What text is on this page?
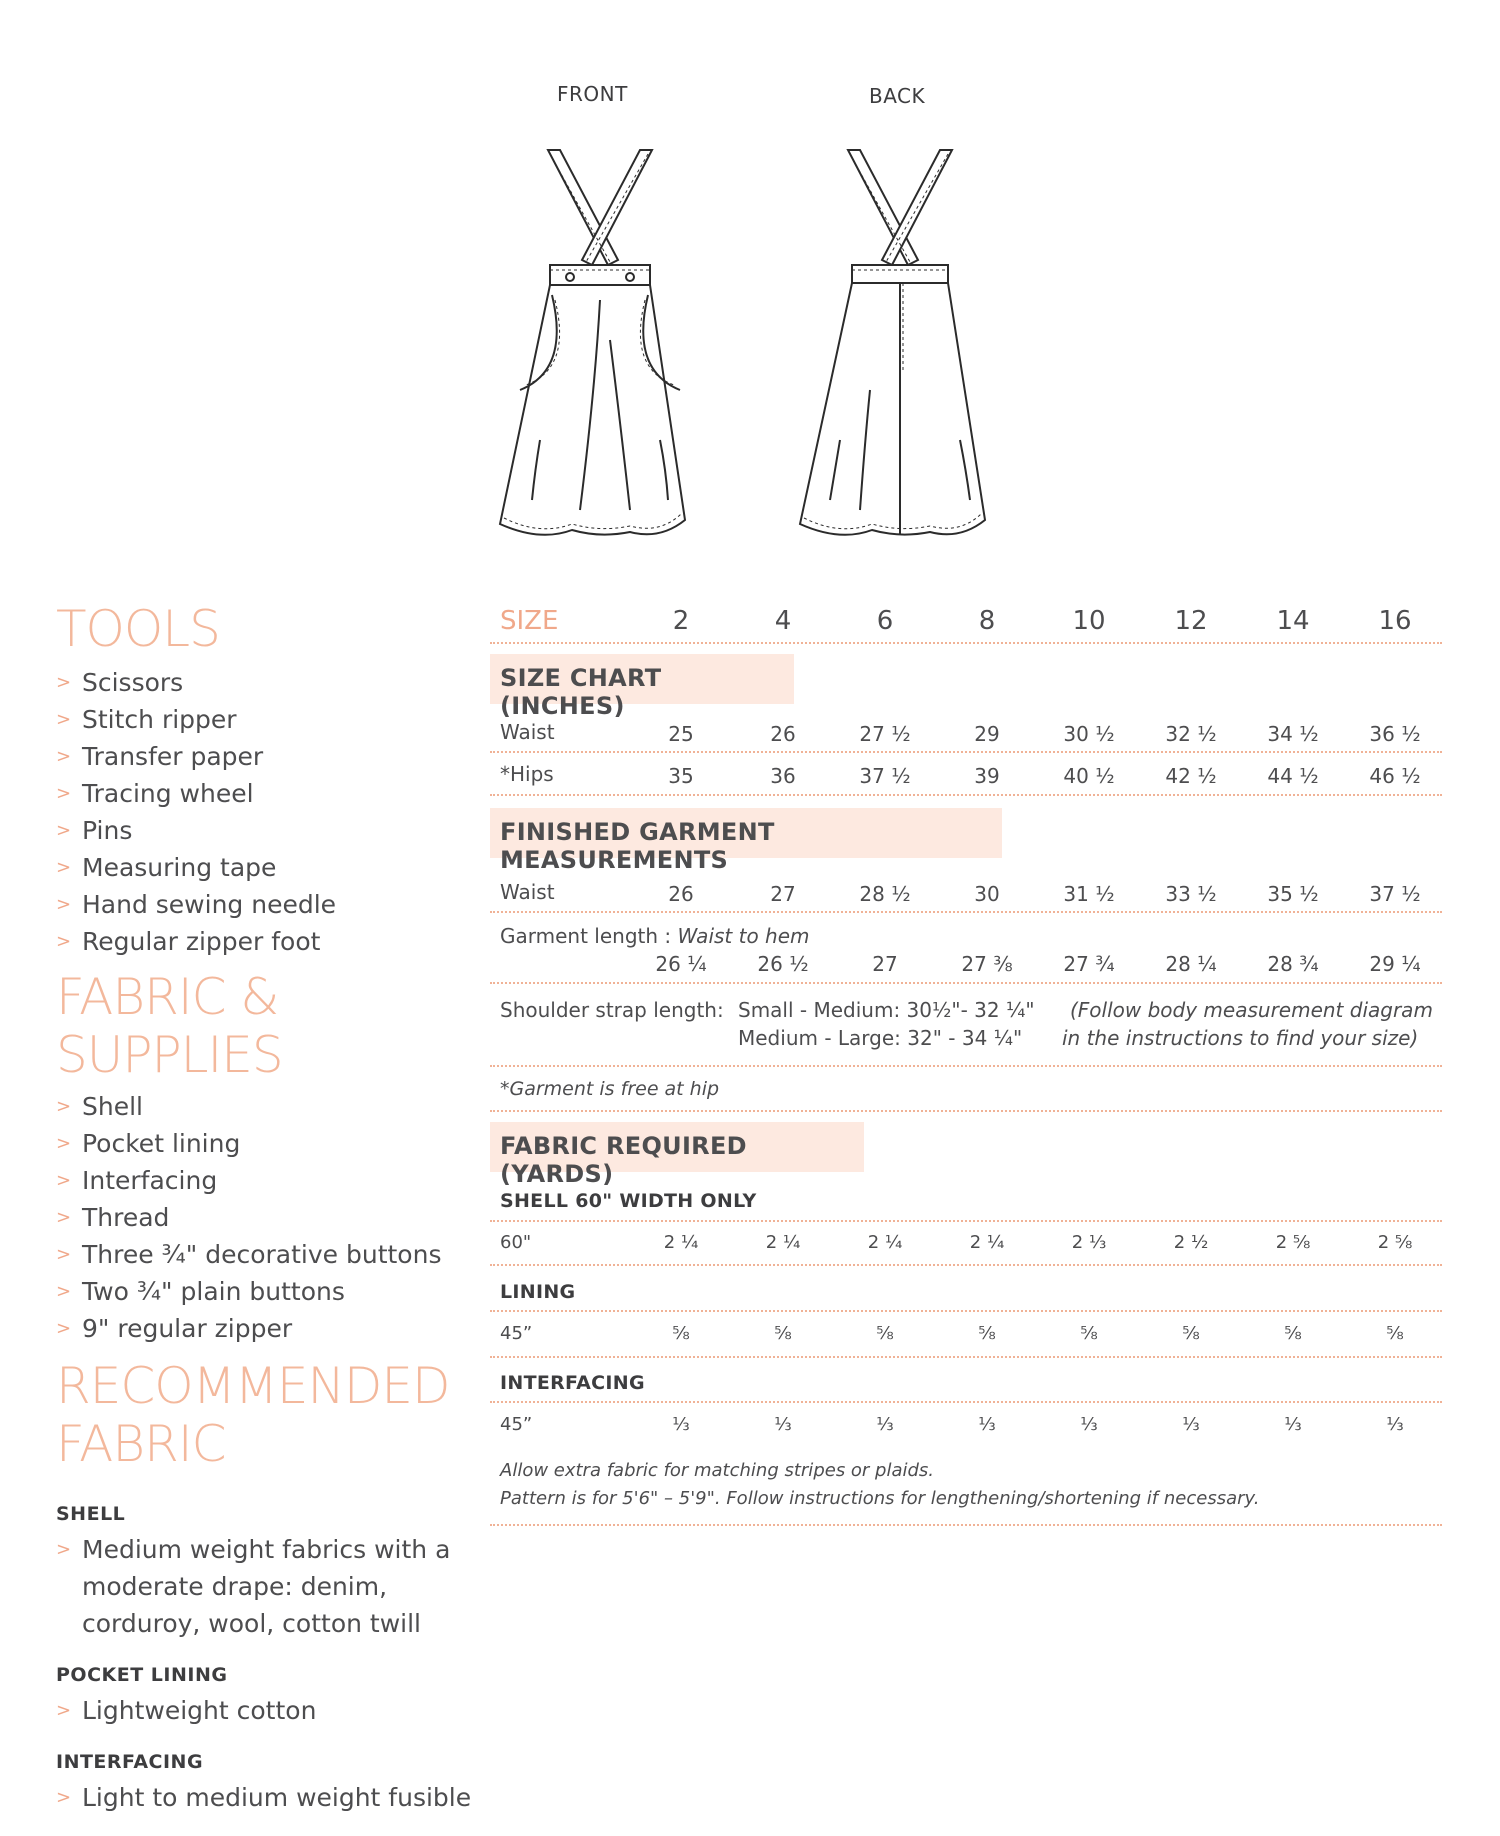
FRONT	BACK
TOOLS
> Scissors
> Stitch ripper
> Transfer paper
> Tracing wheel
> Pins
> Measuring tape
> Hand sewing needle
> Regular zipper foot
FABRIC & SUPPLIES
> Shell
> Pocket lining
> Interfacing
> Thread
> Three ¾" decorative buttons
> Two ¾" plain buttons
> 9" regular zipper
RECOMMENDED
FABRIC
SHELL
> Medium weight fabrics with a moderate drape: denim, corduroy, wool, cotton twill
POCKET LINING
> Lightweight cotton
INTERFACING
> Light to medium weight fusible
SIZE	2	4	6	8	10	12	14	16
SIZE CHART (INCHES)
Waist	25	26	27 ½	29	30 ½	32 ½	34 ½	36 ½
*Hips	35	36	37 ½	39	40 ½	42 ½	44 ½	46 ½
FINISHED GARMENT MEASUREMENTS
Waist	26	27	28 ½	30	31 ½	33 ½	35 ½	37 ½
Garment length : Waist to hem
26 ¼	26 ½	27	27 ⅜	27 ¾	28 ¼	28 ¾	29 ¼
Shoulder strap length: Small - Medium: 30½"- 32 ¼"
Medium - Large: 32" - 34 ¼"
(Follow body measurement diagram
in the instructions to find your size)
*Garment is free at hip
FABRIC REQUIRED (YARDS)
SHELL 60" WIDTH ONLY
60"	2 ¼	2 ¼	2 ¼	2 ¼	2 ⅓	2 ½	2 ⅝	2 ⅝
LINING
45”	⅝	⅝	⅝	⅝	⅝	⅝	⅝	⅝
INTERFACING
45”	⅓	⅓	⅓	⅓	⅓	⅓	⅓	⅓
Allow extra fabric for matching stripes or plaids.
Pattern is for 5'6" – 5'9". Follow instructions for lengthening/shortening if necessary.
